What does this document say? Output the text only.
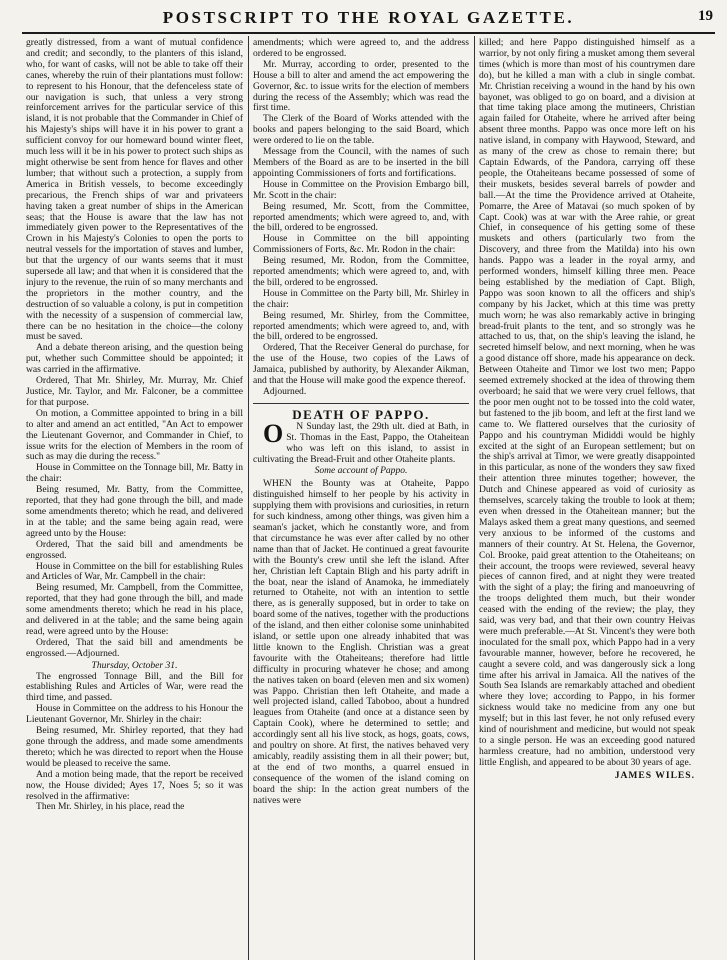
POSTSCRIPT TO THE ROYAL GAZETTE.	19

greatly distressed, from a want of mutual confidence and credit; and secondly, to the planters of this island, who, for want of casks, will not be able to take off their canes, whereby the ruin of their plantations must follow: to represent to his Honour, that the defenceless state of our navigation is such, that unless a very strong reinforcement arrives for the particular service of this island, it is not probable that the Commander in Chief of his Majesty's ships will have it in his power to grant a sufficient convoy for our homeward bound winter fleet, much less will it be in his power to protect such ships as might otherwise be sent from hence for flaves and other lumber; that without such a protection, a supply from America in British vessels, to become exceedingly precarious, the French ships of war and privateers having taken a great number of ships in the American seas; that the House is aware that the law has not immediately given power to the Representatives of the Crown in his Majesty's Colonies to open the ports to neutral vessels for the importation of staves and lumber, but that the urgency of our wants seems that it must supersede all law; and that when it is considered that the injury to the revenue, the ruin of so many merchants and the proprietors in the mother country, and the destruction of so valuable a colony, is put in competition with the necessity of a suspension of commercial law, there can be no hesitation in the choice—the colony must be saved.

And a debate thereon arising, and the question being put, whether such Committee should be appointed; it was carried in the affirmative.

Ordered, That Mr. Shirley, Mr. Murray, Mr. Chief Justice, Mr. Taylor, and Mr. Falconer, be a committee for that purpose.

On motion, a Committee appointed to bring in a bill to alter and amend an act entitled, "An Act to empower the Lieutenant Governor, and Commander in Chief, to issue writs for the election of Members in the room of such as may die during the recess."

House in Committee on the Tonnage bill, Mr. Batty in the chair:

Being resumed, Mr. Batty, from the Committee, reported, that they had gone through the bill, and made some amendments thereto; which he read, and delivered in at the table; and the same being again read, were agreed unto by the House:

Ordered, That the said bill and amendments be engrossed.

House in Committee on the bill for establishing Rules and Articles of War, Mr. Campbell in the chair:

Being resumed, Mr. Campbell, from the Committee, reported, that they had gone through the bill, and made some amendments thereto; which he read in his place, and delivered in at the table; and the same being again read, were agreed unto by the House:

Ordered, That the said bill and amendments be engrossed.—Adjourned.

Thursday, October 31.

The engrossed Tonnage Bill, and the Bill for establishing Rules and Articles of War, were read the third time, and passed.

House in Committee on the address to his Honour the Lieutenant Governor, Mr. Shirley in the chair:

Being resumed, Mr. Shirley reported, that they had gone through the address, and made some amendments thereto; which he was directed to report when the House would be pleased to receive the same.

And a motion being made, that the report be received now, the House divided; Ayes 17, Noes 5; so it was resolved in the affirmative:

Then Mr. Shirley, in his place, read the

amendments; which were agreed to, and the address ordered to be engrossed.

Mr. Murray, according to order, presented to the House a bill to alter and amend the act empowering the Governor, &c. to issue writs for the election of members during the recess of the Assembly; which was read the first time.

The Clerk of the Board of Works attended with the books and papers belonging to the said Board, which were ordered to lie on the table.

Message from the Council, with the names of such Members of the Board as are to be inserted in the bill appointing Commissioners of forts and fortifications.

House in Committee on the Provision Embargo bill, Mr. Scott in the chair:

Being resumed, Mr. Scott, from the Committee, reported amendments; which were agreed to, and, with the bill, ordered to be engrossed.

House in Committee on the bill appointing Commissioners of Forts, &c. Mr. Rodon in the chair:

Being resumed, Mr. Rodon, from the Committee, reported amendments; which were agreed to, and, with the bill, ordered to be engrossed.

House in Committee on the Party bill, Mr. Shirley in the chair:

Being resumed, Mr. Shirley, from the Committee, reported amendments; which were agreed to, and, with the bill, ordered to be engrossed.

Ordered, That the Receiver General do purchase, for the use of the House, two copies of the Laws of Jamaica, published by authority, by Alexander Aikman, and that the House will make good the expence thereof.

Adjourned.

DEATH OF PAPPO.

O N Sunday last, the 29th ult. died at Bath, in St. Thomas in the East, Pappo, the Otaheitean who was left on this island, to assist in cultivating the Bread-Fruit and other Otaheite plants.

Some account of Pappo.

WHEN the Bounty was at Otaheite, Pappo distinguished himself to her people by his activity in supplying them with provisions and curiosities, in return for such kindness, among other things, was given him a seaman's jacket, which he constantly wore, and from that circumstance he was ever after called by no other name than that of Jacket. He continued a great favourite with the Bounty's crew until she left the island. After her, Christian left Captain Bligh and his party adrift in the boat, near the island of Anamoka, he immediately returned to Otaheite, not with an intention to settle there, as is generally supposed, but in order to take on board some of the natives, together with the productions of the island, and then either colonise some uninhabited island, or settle upon one already inhabited that was little known to the English. Christian was a great favourite with the Otaheiteans; therefore had little difficulty in procuring whatever he chose; and among the natives taken on board (eleven men and six women) was Pappo. Christian then left Otaheite, and made a well projected island, called Taboboo, about a hundred leagues from Otaheite (and once at a distance seen by Captain Cook), where he determined to settle; and accordingly sent all his live stock, as hogs, goats, cows, and poultry on shore. At first, the natives behaved very amicably, readily assisting them in all their power; but, at the end of two months, a quarrel ensued in consequence of the women of the island coming on board the ship: In the action great numbers of the natives were

killed; and here Pappo distinguished himself as a warrior, by not only firing a musket among them several times (which is more than most of his countrymen dare do), but he killed a man with a club in single combat. Mr. Christian receiving a wound in the hand by his own bayonet, was obliged to go on board, and a division at that time taking place among the mutineers, Christian again failed for Otaheite, where he arrived after being absent three months. Pappo was once more left on his native island, in company with Haywood, Steward, and as many of the crew as chose to remain there; but Captain Edwards, of the Pandora, carrying off these people, the Otaheiteans became possessed of some of their muskets, besides several barrels of powder and ball.—At the time the Providence arrived at Otaheite, Pomarre, the Aree of Matavai (so much spoken of by Capt. Cook) was at war with the Aree rahie, or great Chief, in consequence of his getting some of these muskets and others (particularly two from the Discovery, and three from the Matilda) into his own hands. Pappo was a leader in the royal army, and performed wonders, himself killing three men. Peace being established by the mediation of Capt. Bligh, Pappo was soon known to all the officers and ship's company by his Jacket, which at this time was pretty much worn; he was also remarkably active in bringing bread-fruit plants to the tent, and so strongly was he attached to us, that, on the ship's leaving the island, he secreted himself below, and next morning, when he was a good distance off shore, made his appearance on deck. Between Otaheite and Timor we lost two men; Pappo seemed extremely shocked at the idea of throwing them overboard; he said that we were very cruel fellows, that the poor men ought not to be tossed into the cold water, but fastened to the jib boom, and left at the first land we came to. We flattered ourselves that the curiosity of Pappo and his countryman Mididdi would be highly excited at the sight of an European settlement; but on the ship's arrival at Timor, we were greatly disappointed in this particular, as none of the wonders they saw fixed their attention three minutes together; however, the Dutch and Chinese appeared as void of curiosity as themselves, scarcely taking the trouble to look at them; even when dressed in the Otaheitean manner; but the Malays asked them a great many questions, and seemed very anxious to be informed of the customs and manners of their country. At St. Helena, the Governor, Col. Brooke, paid great attention to the Otaheiteans; on their account, the troops were reviewed, several heavy pieces of cannon fired, and at night they were treated with the sight of a play; the firing and manoeuvring of the troops delighted them much, but their wonder ceased with the ending of the review; the play, they said, was very bad, and that their own country Heivas were much preferable.—At St. Vincent's they were both inoculated for the small pox, which Pappo had in a very favourable manner, however, before he recovered, he caught a severe cold, and was dangerously sick a long time after his arrival in Jamaica. All the natives of the South Sea Islands are remarkably attached and obedient where they love; according to Pappo, in his former sickness would take no medicine from any one but myself; but in this last fever, he not only refused every kind of nourishment and medicine, but would not speak to a single person. He was an exceeding good natured harmless creature, had no ambition, understood very little English, and appeared to be about 30 years of age.

JAMES WILES.
